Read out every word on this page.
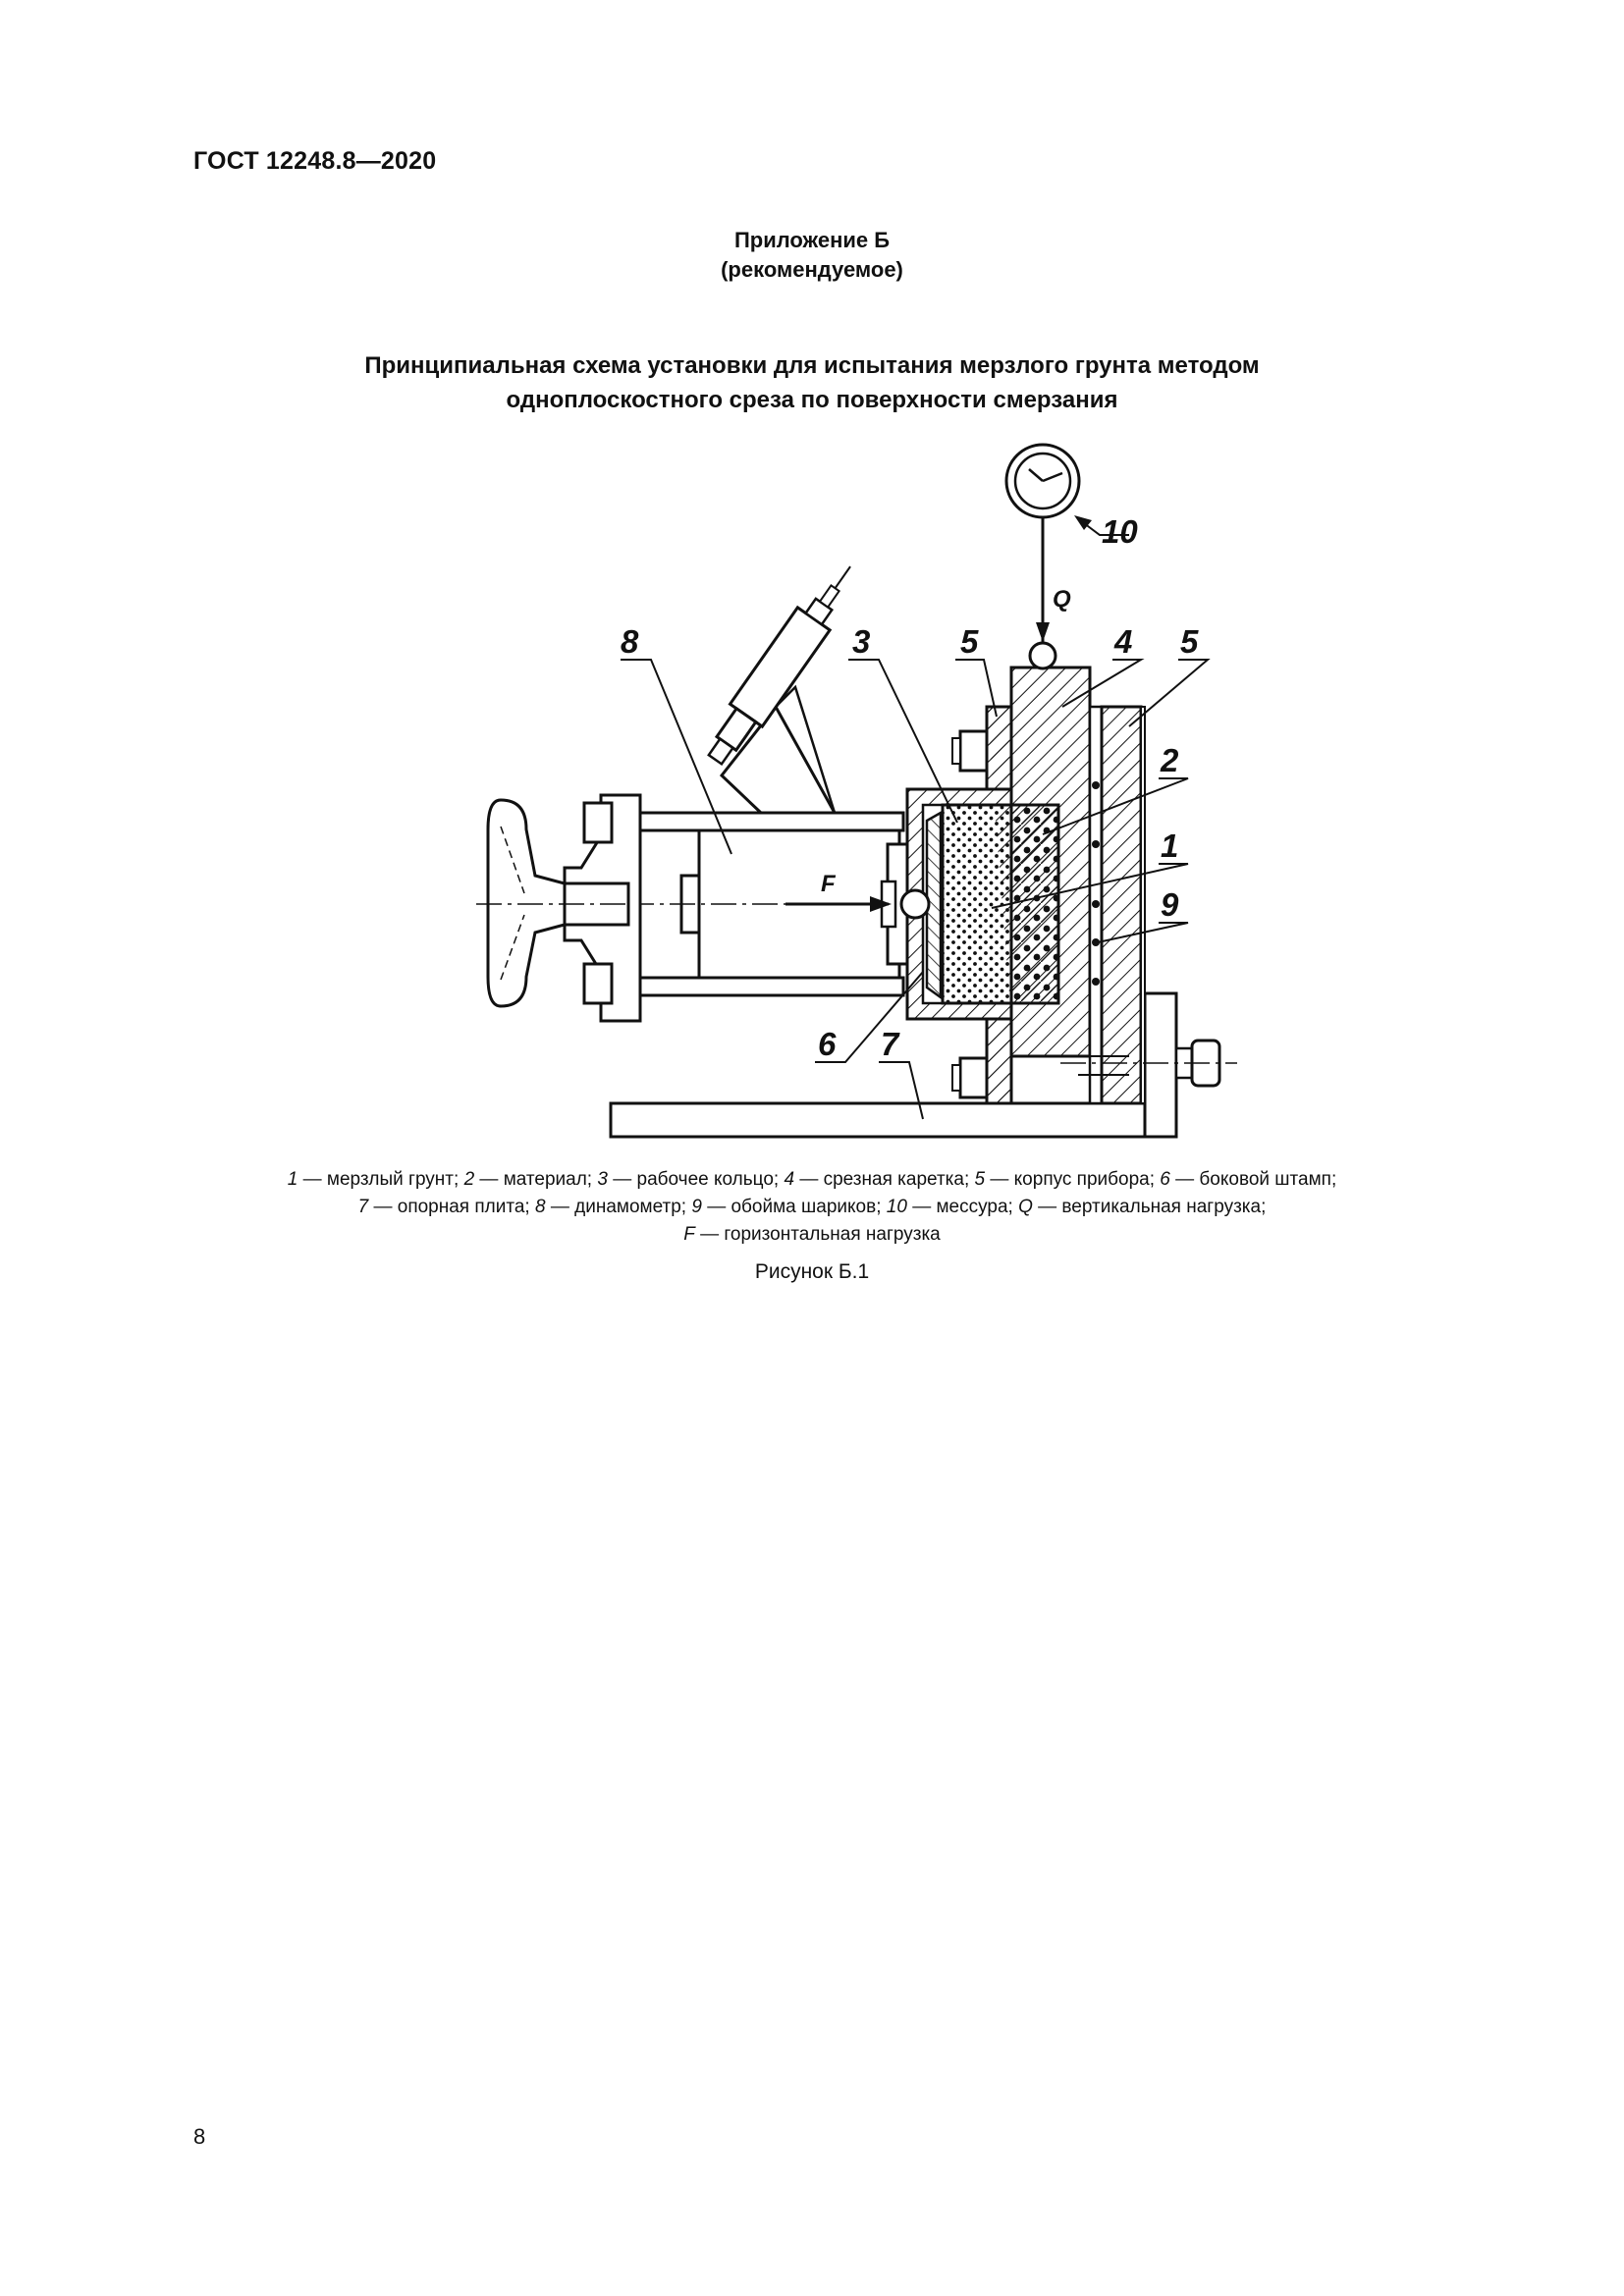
ГОСТ 12248.8—2020
Приложение Б
(рекомендуемое)
Принципиальная схема установки для испытания мерзлого грунта методом
одноплоскостного среза по поверхности смерзания
8	3	5	4 5
2
1
9
6 7
10
F
Q
1 — мерзлый грунт; 2 — материал; 3 — рабочее кольцо; 4 — срезная каретка; 5 — корпус прибора; 6 — боковой штамп;
7 — опорная плита; 8 — динамометр; 9 — обойма шариков; 10 — мессура; Q — вертикальная нагрузка;
F — горизонтальная нагрузка
Рисунок Б.1
8
